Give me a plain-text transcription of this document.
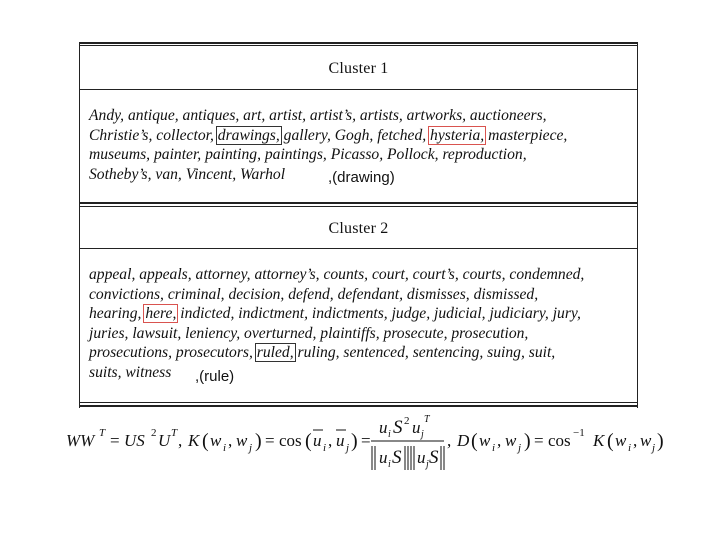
Cluster 1
Andy, antique, antiques, art, artist, artist’s, artists, artworks, auctioneers,
Christie’s, collector, drawings, gallery, Gogh, fetched, hysteria, masterpiece,
museums, painter, painting, paintings, Picasso, Pollock, reproduction,
Sotheby’s, van, Vincent, Warhol	,(drawing)
Cluster 2
appeal, appeals, attorney, attorney’s, counts, court, court’s, courts, condemned,
convictions, criminal, decision, defend, defendant, dismisses, dismissed,
hearing, here, indicted, indictment, indictments, judge, judicial, judiciary, jury,
juries, lawsuit, leniency, overturned, plaintiffs, prosecute, prosecution,
prosecutions, prosecutors, ruled, ruling, sentenced, sentencing, suing, suit,
suits, witness	,(rule)
WW T = US 2 U T , K ( w i , w j ) = cos ( u i , u j ) =
u i S 2 u j
T
u i S u j S
, D ( w i , w j ) = cos −1 K ( w i , w j )
